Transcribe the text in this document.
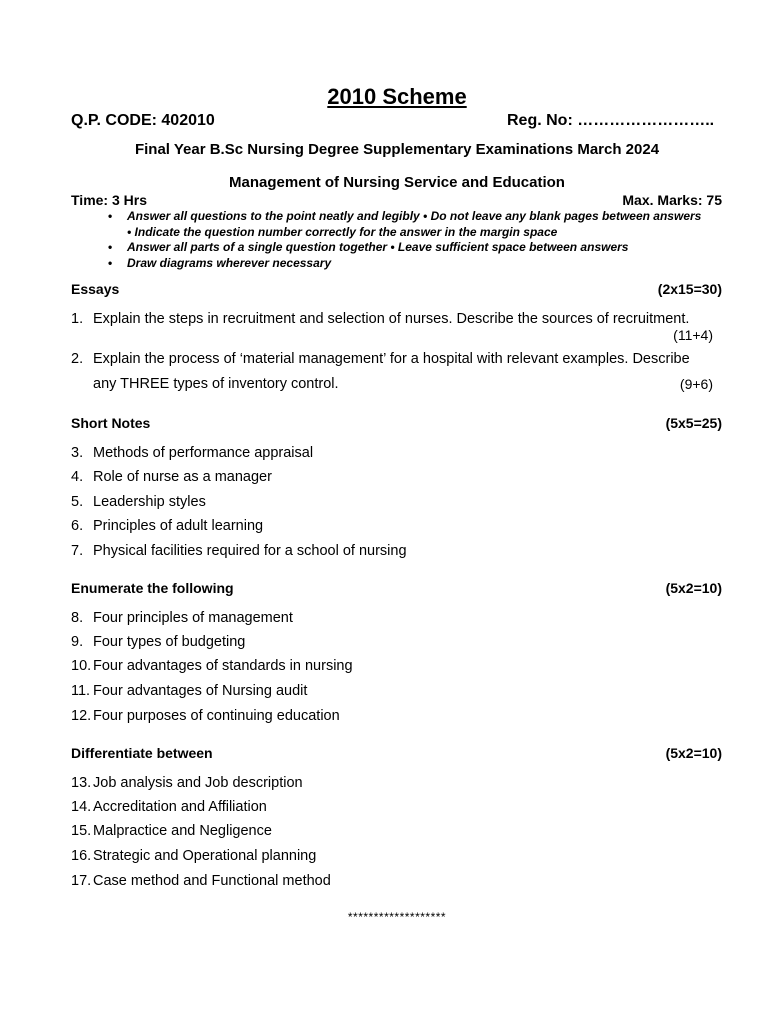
2010 Scheme
Q.P. CODE: 402010	Reg. No: ……………………..
Final Year B.Sc Nursing Degree Supplementary Examinations March 2024
Management of Nursing Service and Education
Time: 3 Hrs	Max. Marks: 75
• Answer all questions to the point neatly and legibly • Do not leave any blank pages between answers • Indicate the question number correctly for the answer in the margin space
• Answer all parts of a single question together • Leave sufficient space between answers
• Draw diagrams wherever necessary
Essays	(2x15=30)
1. Explain the steps in recruitment and selection of nurses. Describe the sources of recruitment.
(11+4)
2. Explain the process of ‘material management’ for a hospital with relevant examples. Describe
any THREE types of inventory control.	(9+6)
Short Notes	(5x5=25)
3. Methods of performance appraisal
4. Role of nurse as a manager
5. Leadership styles
6. Principles of adult learning
7. Physical facilities required for a school of nursing
Enumerate the following	(5x2=10)
8. Four principles of management
9. Four types of budgeting
10. Four advantages of standards in nursing
11. Four advantages of Nursing audit
12. Four purposes of continuing education
Differentiate between	(5x2=10)
13. Job analysis and Job description
14. Accreditation and Affiliation
15. Malpractice and Negligence
16. Strategic and Operational planning
17. Case method and Functional method
*******************
